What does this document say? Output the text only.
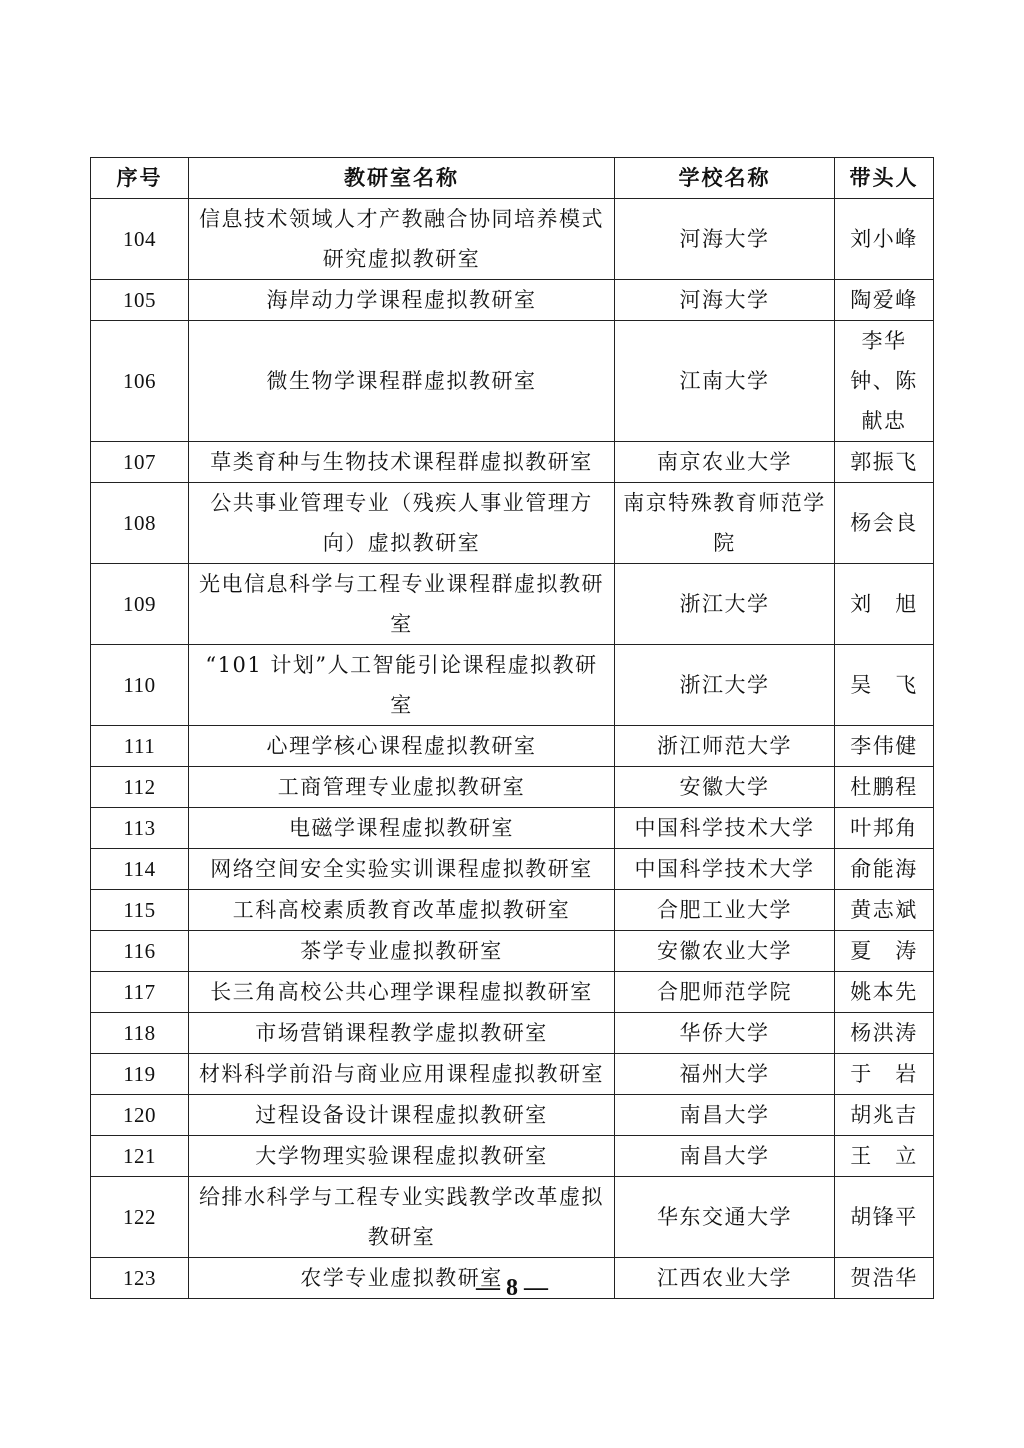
序号	教研室名称	学校名称	带头人
104	信息技术领域人才产教融合协同培养模式研究虚拟教研室	河海大学	刘小峰
105	海岸动力学课程虚拟教研室	河海大学	陶爱峰
106	微生物学课程群虚拟教研室	江南大学	李华钟、陈献忠
107	草类育种与生物技术课程群虚拟教研室	南京农业大学	郭振飞
108	公共事业管理专业（残疾人事业管理方向）虚拟教研室	南京特殊教育师范学院	杨会良
109	光电信息科学与工程专业课程群虚拟教研室	浙江大学	刘　旭
110	“101 计划”人工智能引论课程虚拟教研室	浙江大学	吴　飞
111	心理学核心课程虚拟教研室	浙江师范大学	李伟健
112	工商管理专业虚拟教研室	安徽大学	杜鹏程
113	电磁学课程虚拟教研室	中国科学技术大学	叶邦角
114	网络空间安全实验实训课程虚拟教研室	中国科学技术大学	俞能海
115	工科高校素质教育改革虚拟教研室	合肥工业大学	黄志斌
116	茶学专业虚拟教研室	安徽农业大学	夏　涛
117	长三角高校公共心理学课程虚拟教研室	合肥师范学院	姚本先
118	市场营销课程教学虚拟教研室	华侨大学	杨洪涛
119	材料科学前沿与商业应用课程虚拟教研室	福州大学	于　岩
120	过程设备设计课程虚拟教研室	南昌大学	胡兆吉
121	大学物理实验课程虚拟教研室	南昌大学	王　立
122	给排水科学与工程专业实践教学改革虚拟教研室	华东交通大学	胡锋平
123	农学专业虚拟教研室	江西农业大学	贺浩华
— 8 —
